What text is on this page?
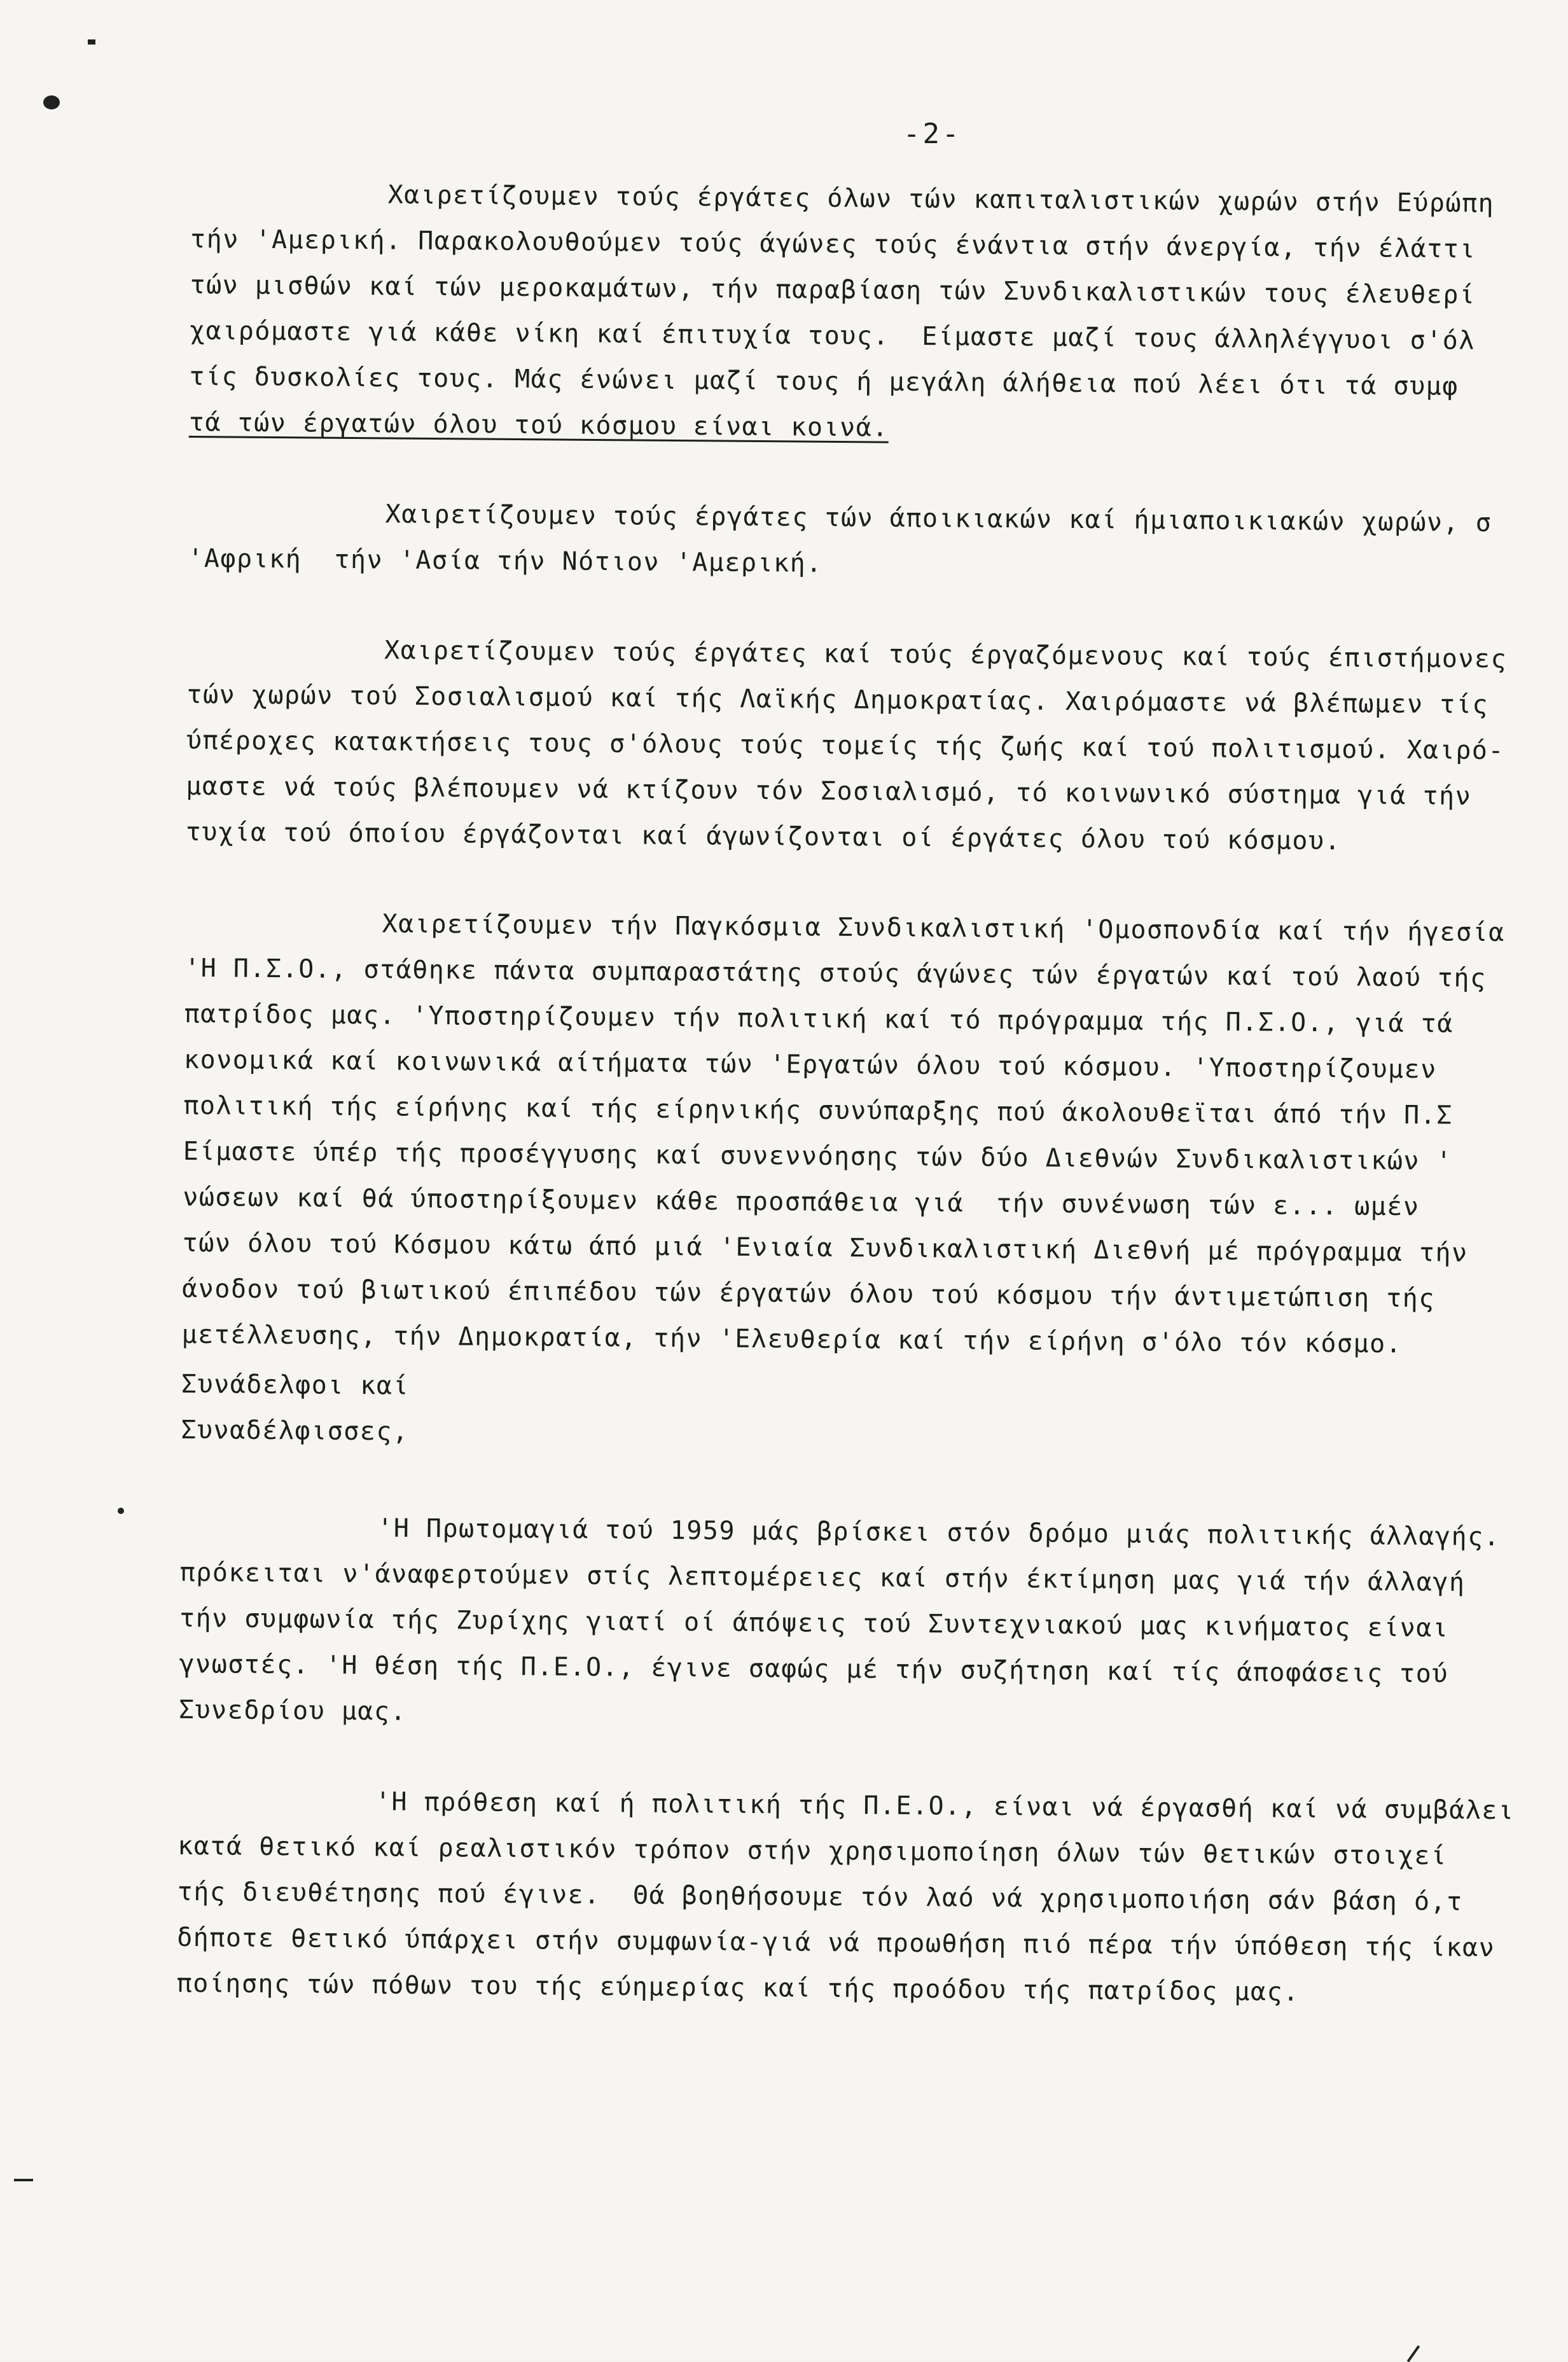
-2-
Χαιρετίζουμεν τούς έργάτες όλων τών καπιταλιστικών χωρών στήν Εύρώπη
τήν 'Αμερική. Παρακολουθούμεν τούς άγώνες τούς ένάντια στήν άνεργία, τήν έλάττι
τών μισθών καί τών μεροκαμάτων, τήν παραβίαση τών Συνδικαλιστικών τους έλευθερί
χαιρόμαστε γιά κάθε νίκη καί έπιτυχία τους.  Είμαστε μαζί τους άλληλέγγυοι σ'όλ
τίς δυσκολίες τους. Μάς ένώνει μαζί τους ή μεγάλη άλήθεια πού λέει ότι τά συμφ
τά τών έργατών όλου τού κόσμου είναι κοινά.
Χαιρετίζουμεν τούς έργάτες τών άποικιακών καί ήμιαποικιακών χωρών, σ
'Αφρική  τήν 'Ασία τήν Νότιον 'Αμερική.
Χαιρετίζουμεν τούς έργάτες καί τούς έργαζόμενους καί τούς έπιστήμονες
τών χωρών τού Σοσιαλισμού καί τής Λαϊκής Δημοκρατίας. Χαιρόμαστε νά βλέπωμεν τίς
ύπέροχες κατακτήσεις τους σ'όλους τούς τομείς τής ζωής καί τού πολιτισμού. Χαιρό-
μαστε νά τούς βλέπουμεν νά κτίζουν τόν Σοσιαλισμό, τό κοινωνικό σύστημα γιά τήν
τυχία τού όποίου έργάζονται καί άγωνίζονται οί έργάτες όλου τού κόσμου.
Χαιρετίζουμεν τήν Παγκόσμια Συνδικαλιστική 'Ομοσπονδία καί τήν ήγεσία
'Η Π.Σ.Ο., στάθηκε πάντα συμπαραστάτης στούς άγώνες τών έργατών καί τού λαού τής
πατρίδος μας. 'Υποστηρίζουμεν τήν πολιτική καί τό πρόγραμμα τής Π.Σ.Ο., γιά τά
κονομικά καί κοινωνικά αίτήματα τών 'Εργατών όλου τού κόσμου. 'Υποστηρίζουμεν
πολιτική τής είρήνης καί τής είρηνικής συνύπαρξης πού άκολουθεϊται άπό τήν Π.Σ
Είμαστε ύπέρ τής προσέγγυσης καί συνεννόησης τών δύο Διεθνών Συνδικαλιστικών '
νώσεων καί θά ύποστηρίξουμεν κάθε προσπάθεια γιά  τήν συνένωση τών ε... ωμέν
τών όλου τού Κόσμου κάτω άπό μιά 'Ενιαία Συνδικαλιστική Διεθνή μέ πρόγραμμα τήν
άνοδον τού βιωτικού έπιπέδου τών έργατών όλου τού κόσμου τήν άντιμετώπιση τής
μετέλλευσης, τήν Δημοκρατία, τήν 'Ελευθερία καί τήν είρήνη σ'όλο τόν κόσμο.
Συνάδελφοι καί
Συναδέλφισσες,
'Η Πρωτομαγιά τού 1959 μάς βρίσκει στόν δρόμο μιάς πολιτικής άλλαγής.
πρόκειται ν'άναφερτούμεν στίς λεπτομέρειες καί στήν έκτίμηση μας γιά τήν άλλαγή
τήν συμφωνία τής Ζυρίχης γιατί οί άπόψεις τού Συντεχνιακού μας κινήματος είναι
γνωστές. 'Η θέση τής Π.Ε.Ο., έγινε σαφώς μέ τήν συζήτηση καί τίς άποφάσεις τού
Συνεδρίου μας.
'Η πρόθεση καί ή πολιτική τής Π.Ε.Ο., είναι νά έργασθή καί νά συμβάλει
κατά θετικό καί ρεαλιστικόν τρόπον στήν χρησιμοποίηση όλων τών θετικών στοιχεί
τής διευθέτησης πού έγινε.  Θά βοηθήσουμε τόν λαό νά χρησιμοποιήση σάν βάση ό,τ
δήποτε θετικό ύπάρχει στήν συμφωνία-γιά νά προωθήση πιό πέρα τήν ύπόθεση τής ίκαν
ποίησης τών πόθων του τής εύημερίας καί τής προόδου τής πατρίδος μας.
